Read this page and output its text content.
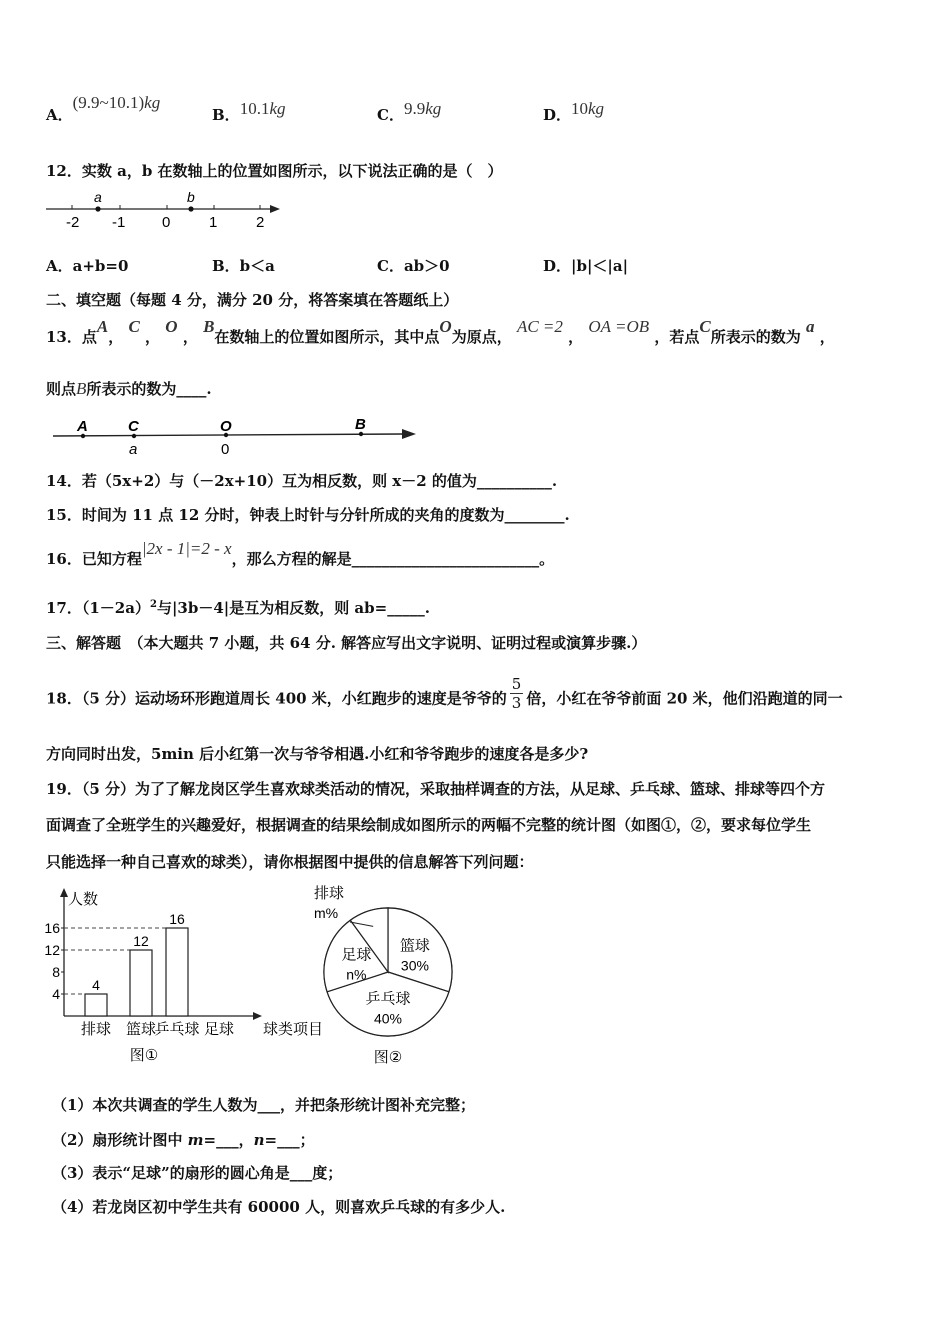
A．(9.9~10.1)kg
B．10.1kg	C．9.9kg	D．10kg
12．实数 a，b 在数轴上的位置如图所示，以下说法正确的是（　）
-2 -1 0	1	2
a	b
A．a+b=0	B．b＜a	C．ab＞0	D．|b|＜|a|
二、填空题（每题 4 分，满分 20 分，将答案填在答题纸上）
13．点A， C ， O ， B在数轴上的位置如图所示，其中点O为原点， AC =2 ， OA =OB ，若点C所表示的数为 a ，
则点B所表示的数为____.
A	C	O	B
a	0
14．若（5x+2）与（－2x+10）互为相反数，则 x－2 的值为__________.
15．时间为 11 点 12 分时，钟表上时针与分针所成的夹角的度数为________.
16．已知方程|2x - 1|=2 - x，那么方程的解是_________________________。
17．$(1-2a)^2$与|3b－4|是互为相反数，则 ab=_____.
三、解答题　 （本大题共 7 小题，共 64 分. 解答应写出文字说明、证明过程或演算步骤.）
18．（5 分）运动场环形跑道周长 400 米，小红跑步的速度是爷爷的 $\frac{5}{3}$ 倍，小红在爷爷前面 20 米，他们沿跑道的同一
方向同时出发，5min 后小红第一次与爷爷相遇.小红和爷爷跑步的速度各是多少?
19．（5 分）为了了解龙岗区学生喜欢球类活动的情况，采取抽样调查的方法，从足球、乒乓球、篮球、排球等四个方
面调查了全班学生的兴趣爱好，根据调查的结果绘制成如图所示的两幅不完整的统计图（如图①，②，要求每位学生
只能选择一种自己喜欢的球类），请你根据图中提供的信息解答下列问题：
人数
4
8
12
16
4
12
16
排球 篮球
乒乓球 足球 球类项目
图①
篮球
30%
乒乓球
40%
足球
n%
排球
m%
图②
（1）本次共调查的学生人数为___，并把条形统计图补充完整；
（2）扇形统计图中 m=___，n=___；
（3）表示“足球”的扇形的圆心角是___度；
（4）若龙岗区初中学生共有 60000 人，则喜欢乒乓球的有多少人.
